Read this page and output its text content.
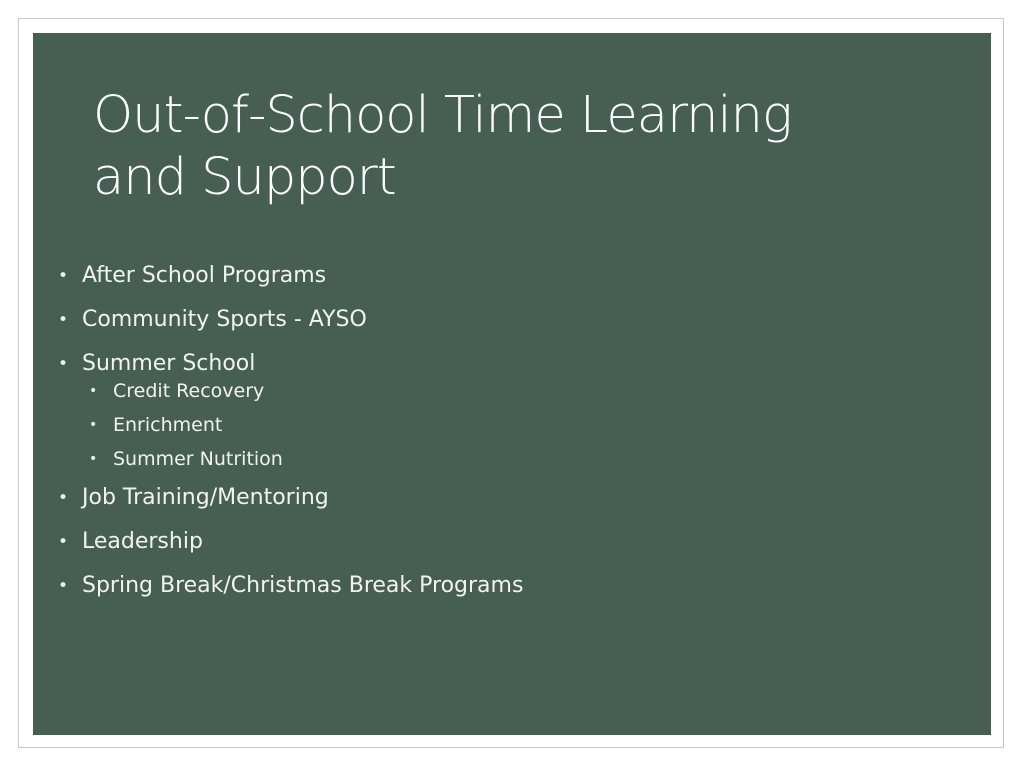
Out-of-School Time Learning
and Support
• After School Programs
• Community Sports - AYSO
• Summer School
• Credit Recovery
• Enrichment
• Summer Nutrition
• Job Training/Mentoring
• Leadership
• Spring Break/Christmas Break Programs
